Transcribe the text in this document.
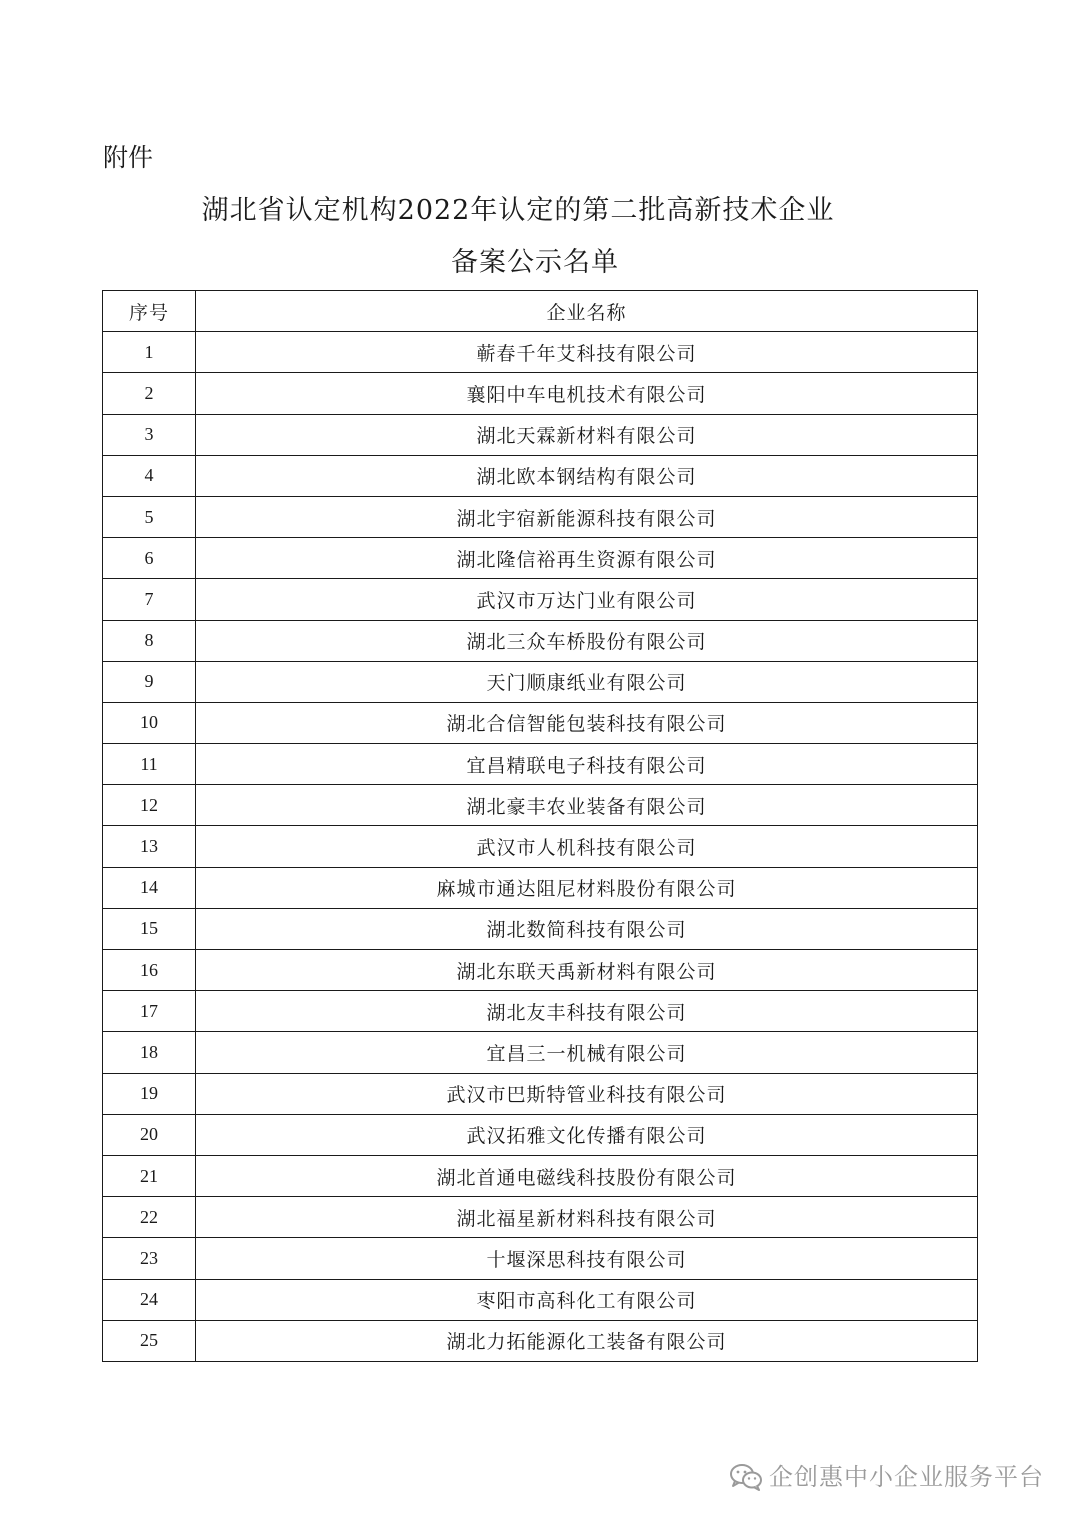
附件
湖北省认定机构2022年认定的第二批高新技术企业
备案公示名单
序号	企业名称
1	蕲春千年艾科技有限公司
2	襄阳中车电机技术有限公司
3	湖北天霖新材料有限公司
4	湖北欧本钢结构有限公司
5	湖北宇宿新能源科技有限公司
6	湖北隆信裕再生资源有限公司
7	武汉市万达门业有限公司
8	湖北三众车桥股份有限公司
9	天门顺康纸业有限公司
10	湖北合信智能包装科技有限公司
11	宜昌精联电子科技有限公司
12	湖北豪丰农业装备有限公司
13	武汉市人机科技有限公司
14	麻城市通达阻尼材料股份有限公司
15	湖北数简科技有限公司
16	湖北东联天禹新材料有限公司
17	湖北友丰科技有限公司
18	宜昌三一机械有限公司
19	武汉市巴斯特管业科技有限公司
20	武汉拓雅文化传播有限公司
21	湖北首通电磁线科技股份有限公司
22	湖北福星新材料科技有限公司
23	十堰深思科技有限公司
24	枣阳市高科化工有限公司
25	湖北力拓能源化工装备有限公司
企创惠中小企业服务平台
